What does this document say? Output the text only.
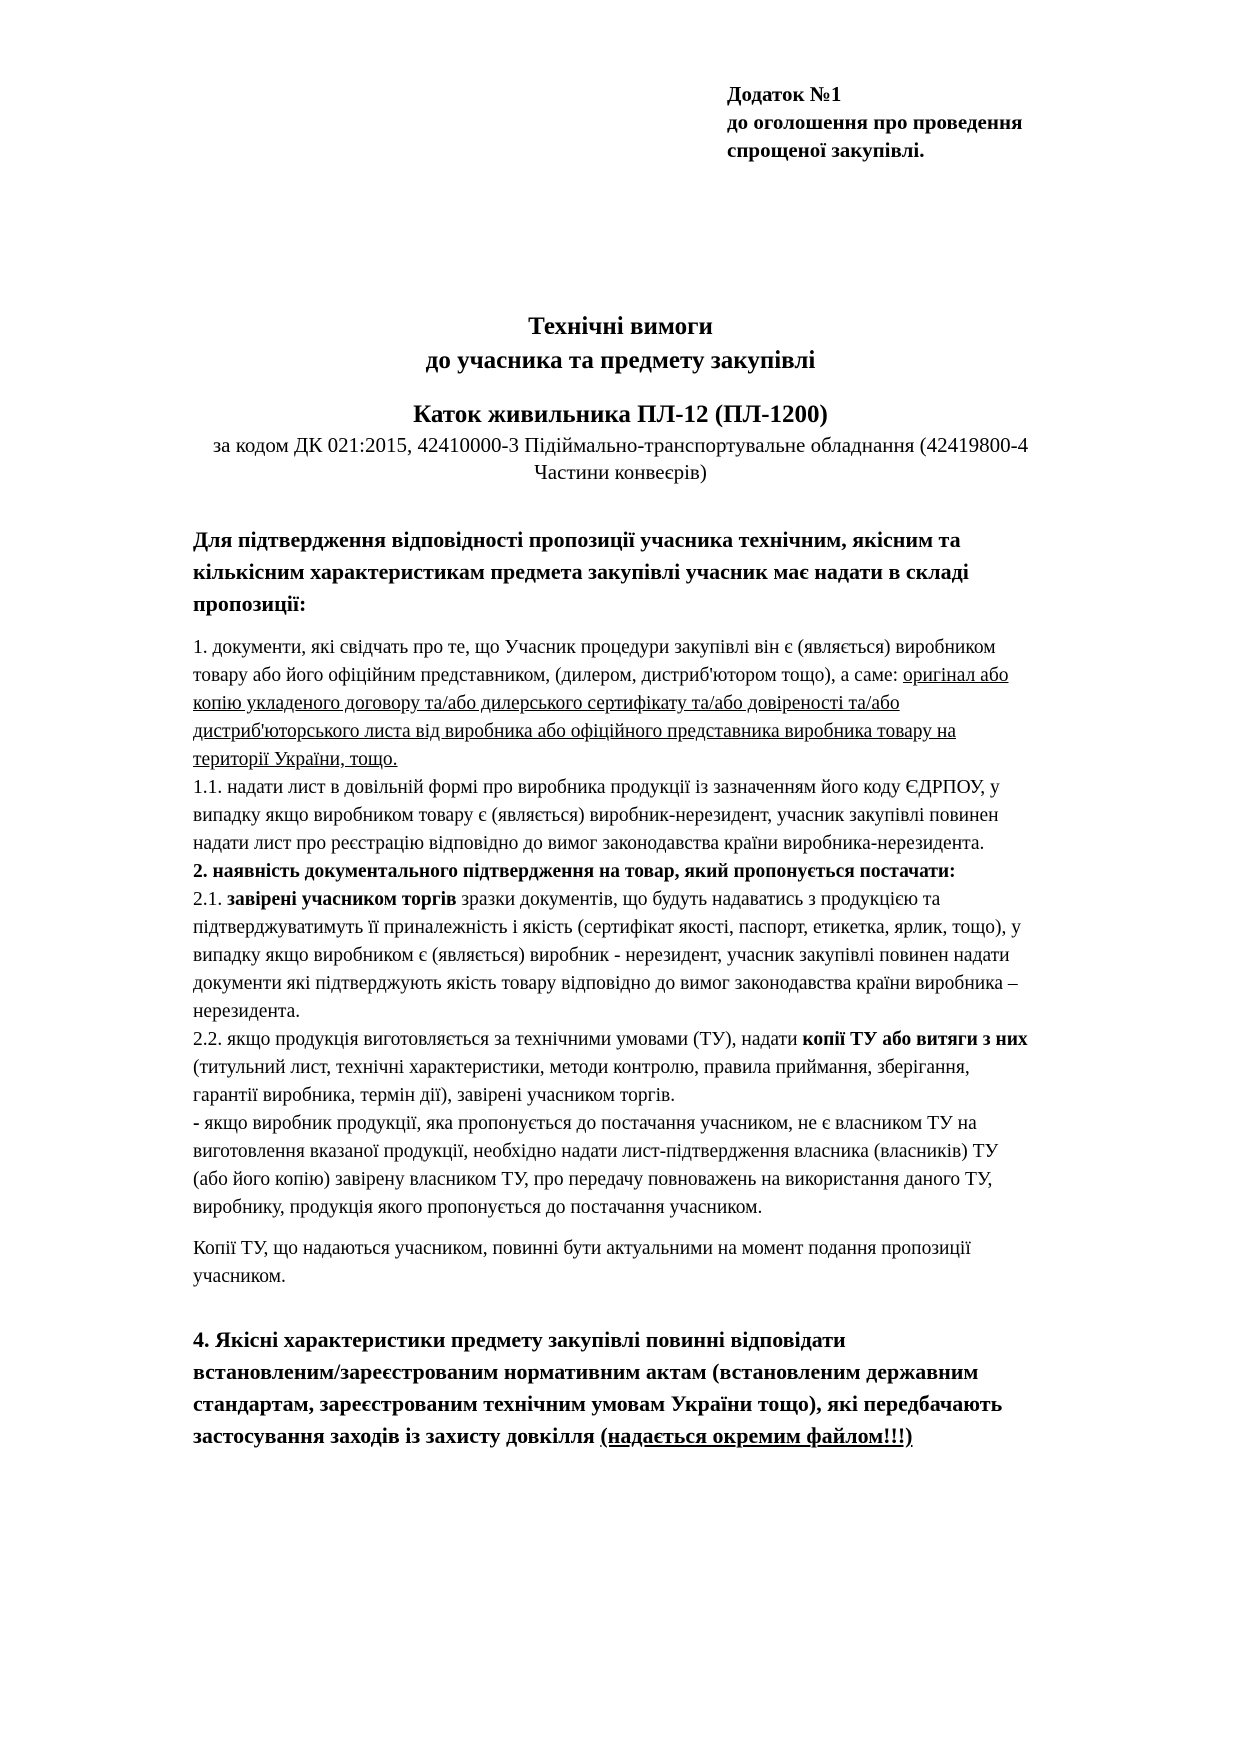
Додаток №1
до оголошення про проведення
спрощеної закупівлі.
Технічні вимоги
до учасника та предмету закупівлі
Каток живильника ПЛ-12 (ПЛ-1200)
за кодом ДК 021:2015, 42410000-3 Підіймально-транспортувальне обладнання (42419800-4
Частини конвеєрів)
Для підтвердження відповідності пропозиції учасника технічним, якісним та
кількісним характеристикам предмета закупівлі учасник має надати в складі
пропозиції:
1. документи, які свідчать про те, що Учасник процедури закупівлі він є (являється) виробником
товару або його офіційним представником, (дилером, дистриб'ютором тощо), а саме: оригінал або
копію укладеного договору та/або дилерського сертифікату та/або довіреності та/або
дистриб'юторського листа від виробника або офіційного представника виробника товару на
території України, тощо.
1.1. надати лист в довільній формі про виробника продукції із зазначенням його коду ЄДРПОУ, у
випадку якщо виробником товару є (являється) виробник-нерезидент, учасник закупівлі повинен
надати лист про реєстрацію відповідно до вимог законодавства країни виробника-нерезидента.
2. наявність документального підтвердження на товар, який пропонується постачати:
2.1. завірені учасником торгів зразки документів, що будуть надаватись з продукцією та
підтверджуватимуть її приналежність і якість (сертифікат якості, паспорт, етикетка, ярлик, тощо), у
випадку якщо виробником є (являється) виробник - нерезидент, учасник закупівлі повинен надати
документи які підтверджують якість товару відповідно до вимог законодавства країни виробника –
нерезидента.
2.2. якщо продукція виготовляється за технічними умовами (ТУ), надати копії ТУ або витяги з них
(титульний лист, технічні характеристики, методи контролю, правила приймання, зберігання,
гарантії виробника, термін дії), завірені учасником торгів.
- якщо виробник продукції, яка пропонується до постачання учасником, не є власником ТУ на
виготовлення вказаної продукції, необхідно надати лист-підтвердження власника (власників) ТУ
(або його копію) завірену власником ТУ, про передачу повноважень на використання даного ТУ,
виробнику, продукція якого пропонується до постачання учасником.
Копії ТУ, що надаються учасником, повинні бути актуальними на момент подання пропозиції
учасником.
4. Якісні характеристики предмету закупівлі повинні відповідати
встановленим/зареєстрованим нормативним актам (встановленим державним
стандартам, зареєстрованим технічним умовам України тощо), які передбачають
застосування заходів із захисту довкілля (надається окремим файлом!!!)
